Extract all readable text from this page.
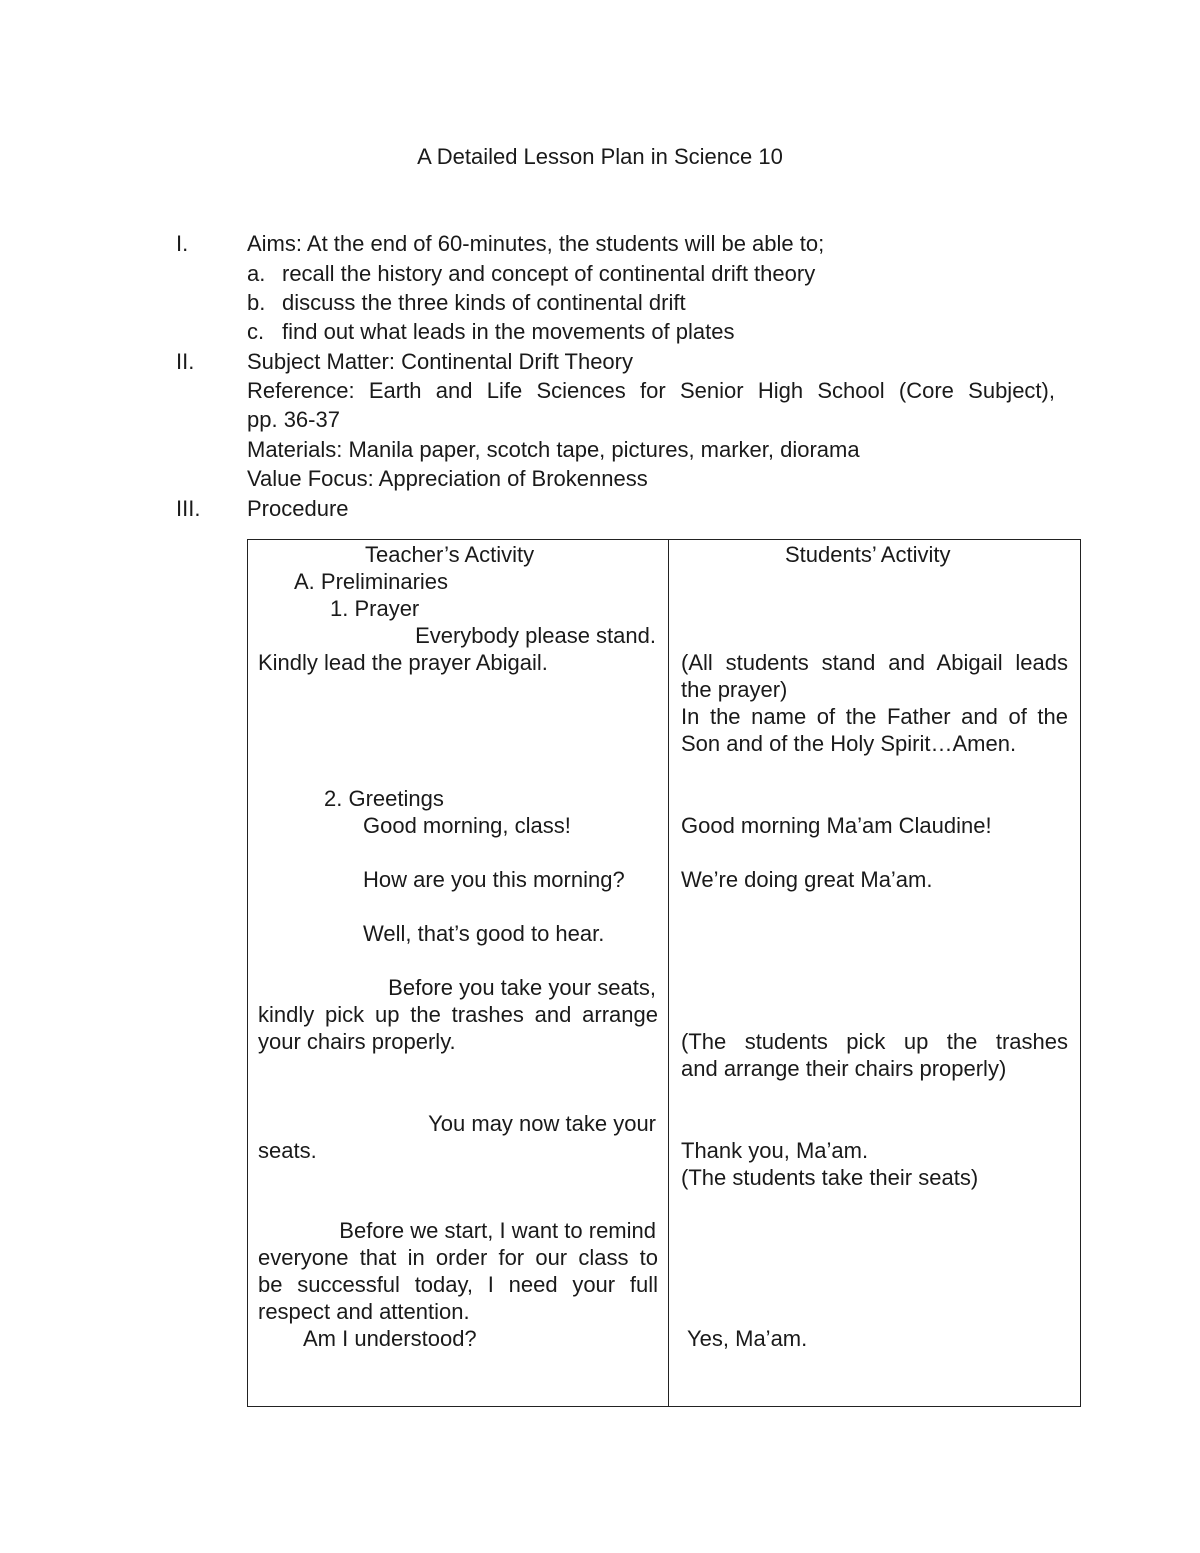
A Detailed Lesson Plan in Science 10
I.	Aims: At the end of 60-minutes, the students will be able to;
a. recall the history and concept of continental drift theory
b. discuss the three kinds of continental drift
c. find out what leads in the movements of plates
II. Subject Matter: Continental Drift Theory
Reference: Earth and Life Sciences for Senior High School (Core Subject),
pp. 36-37
Materials: Manila paper, scotch tape, pictures, marker, diorama
Value Focus: Appreciation of Brokenness
III. Procedure
Teacher’s Activity	Students’ Activity
A. Preliminaries
1. Prayer
Everybody please stand.
Kindly lead the prayer Abigail.
2. Greetings
Good morning, class!
How are you this morning?
Well, that’s good to hear.
Before you take your seats,
kindly pick up the trashes and arrange
your chairs properly.
You may now take your
seats.
Before we start, I want to remind
everyone that in order for our class to
be successful today, I need your full
respect and attention.
Am I understood?
(All students stand and Abigail leads
the prayer)
In the name of the Father and of the
Son and of the Holy Spirit…Amen.
Good morning Ma’am Claudine!
We’re doing great Ma’am.
(The students pick up the trashes
and arrange their chairs properly)
Thank you, Ma’am.
(The students take their seats)
Yes, Ma’am.
